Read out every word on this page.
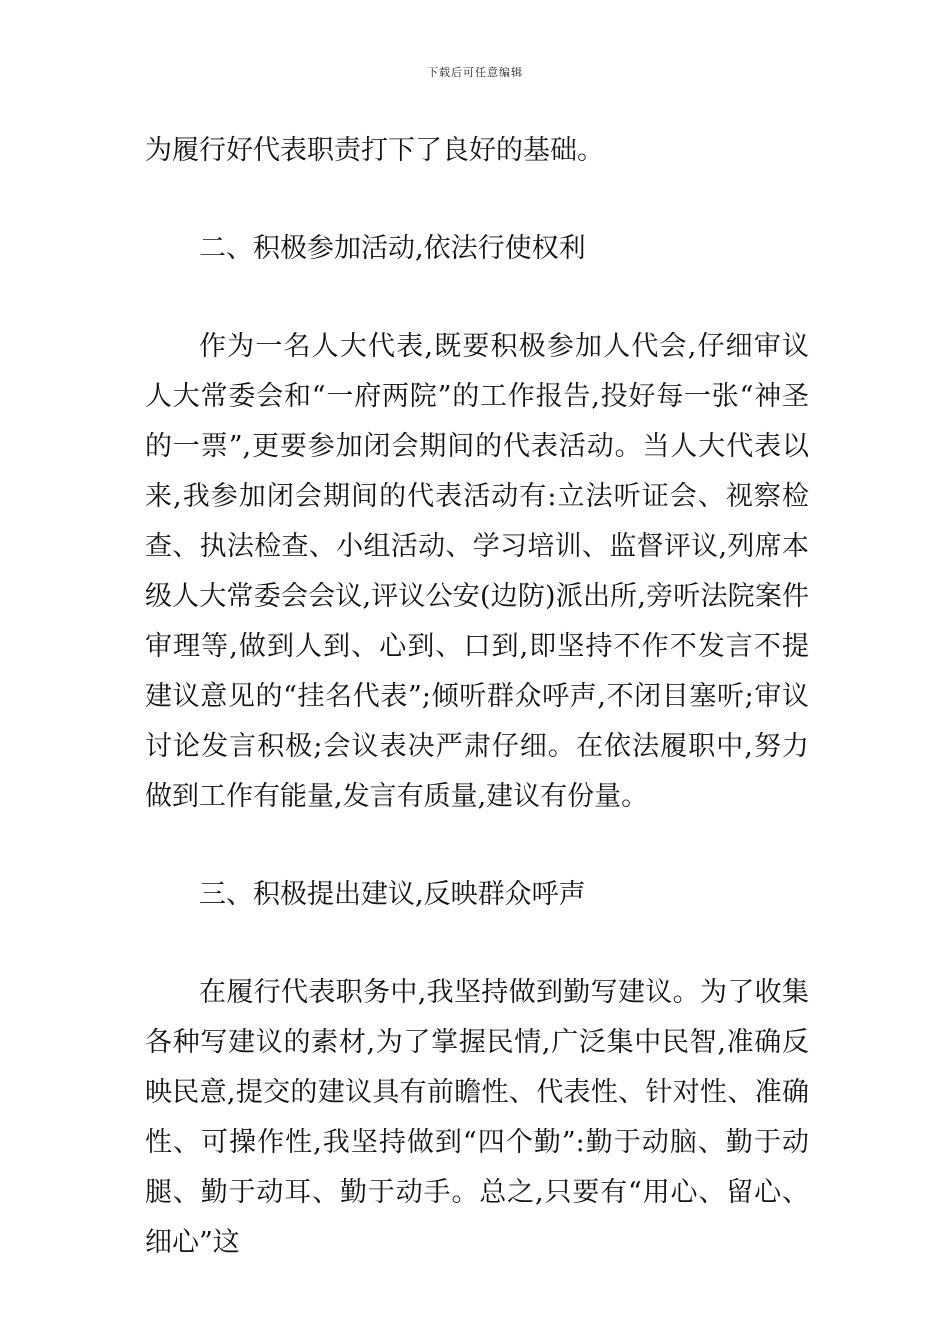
下载后可任意编辑

为履行好代表职责打下了良好的基础。

二、积极参加活动,依法行使权利

作为一名人大代表,既要积极参加人代会,仔细审议人大常委会和“一府两院”的工作报告,投好每一张“神圣的一票”,更要参加闭会期间的代表活动。当人大代表以来,我参加闭会期间的代表活动有:立法听证会、视察检查、执法检查、小组活动、学习培训、监督评议,列席本级人大常委会会议,评议公安(边防)派出所,旁听法院案件审理等,做到人到、心到、口到,即坚持不作不发言不提建议意见的“挂名代表”;倾听群众呼声,不闭目塞听;审议讨论发言积极;会议表决严肃仔细。在依法履职中,努力做到工作有能量,发言有质量,建议有份量。

三、积极提出建议,反映群众呼声

在履行代表职务中,我坚持做到勤写建议。为了收集各种写建议的素材,为了掌握民情,广泛集中民智,准确反映民意,提交的建议具有前瞻性、代表性、针对性、准确性、可操作性,我坚持做到“四个勤”:勤于动脑、勤于动腿、勤于动耳、勤于动手。总之,只要有“用心、留心、细心”这
